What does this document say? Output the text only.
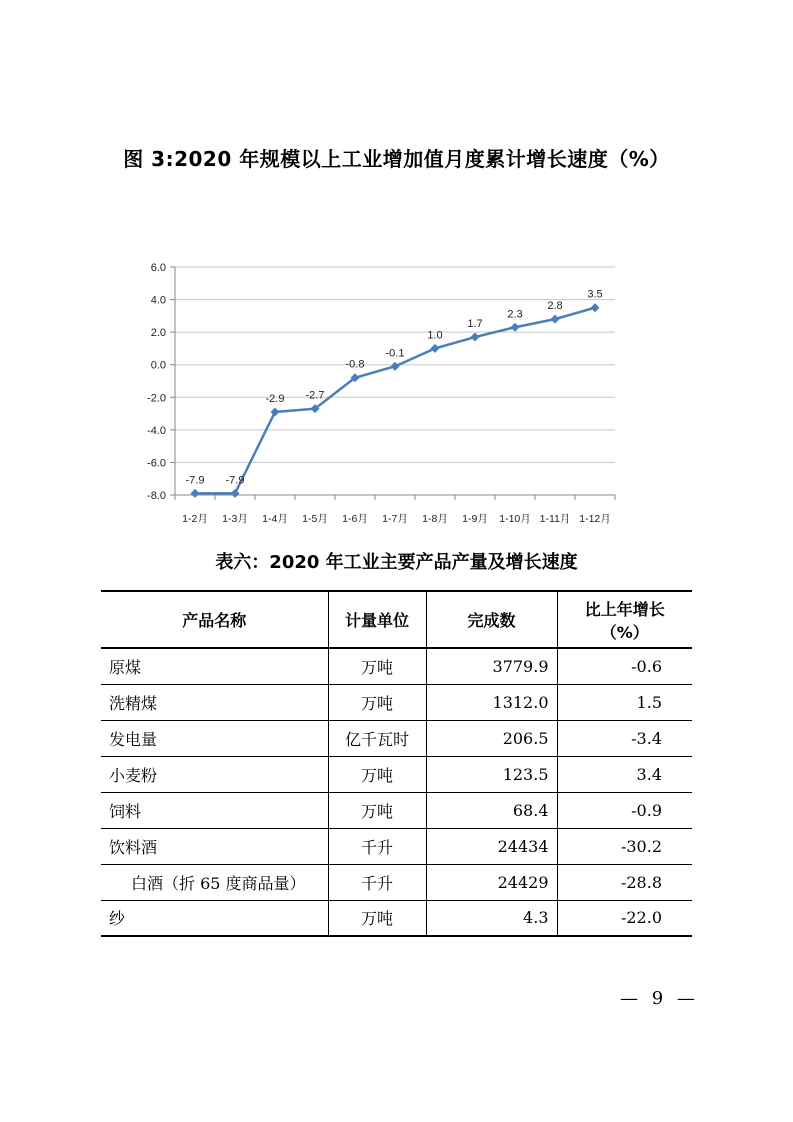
图 3:2020 年规模以上工业增加值月度累计增长速度（%）
6.0
4.0
2.0
0.0
-2.0
-4.0
-6.0
-8.0
1-2月 1-3月 1-4月 1-5月 1-6月 1-7月 1-8月 1-9月 1-10月 1-11月 1-12月
-7.9 -7.9
-2.9 -2.7
-0.8
-0.1
1.0
1.7
2.3
2.8
3.5
表六：2020 年工业主要产品产量及增长速度
产品名称	计量单位	完成数	比上年增长
（%）

原煤	万吨	3779.9	-0.6
洗精煤	万吨	1312.0	1.5
发电量	亿千瓦时	206.5	-3.4
小麦粉	万吨	123.5	3.4
饲料	万吨	68.4	-0.9
饮料酒	千升	24434	-30.2
白酒（折 65 度商品量）	千升	24429	-28.8
纱	万吨	4.3	-22.0
— 9 —
